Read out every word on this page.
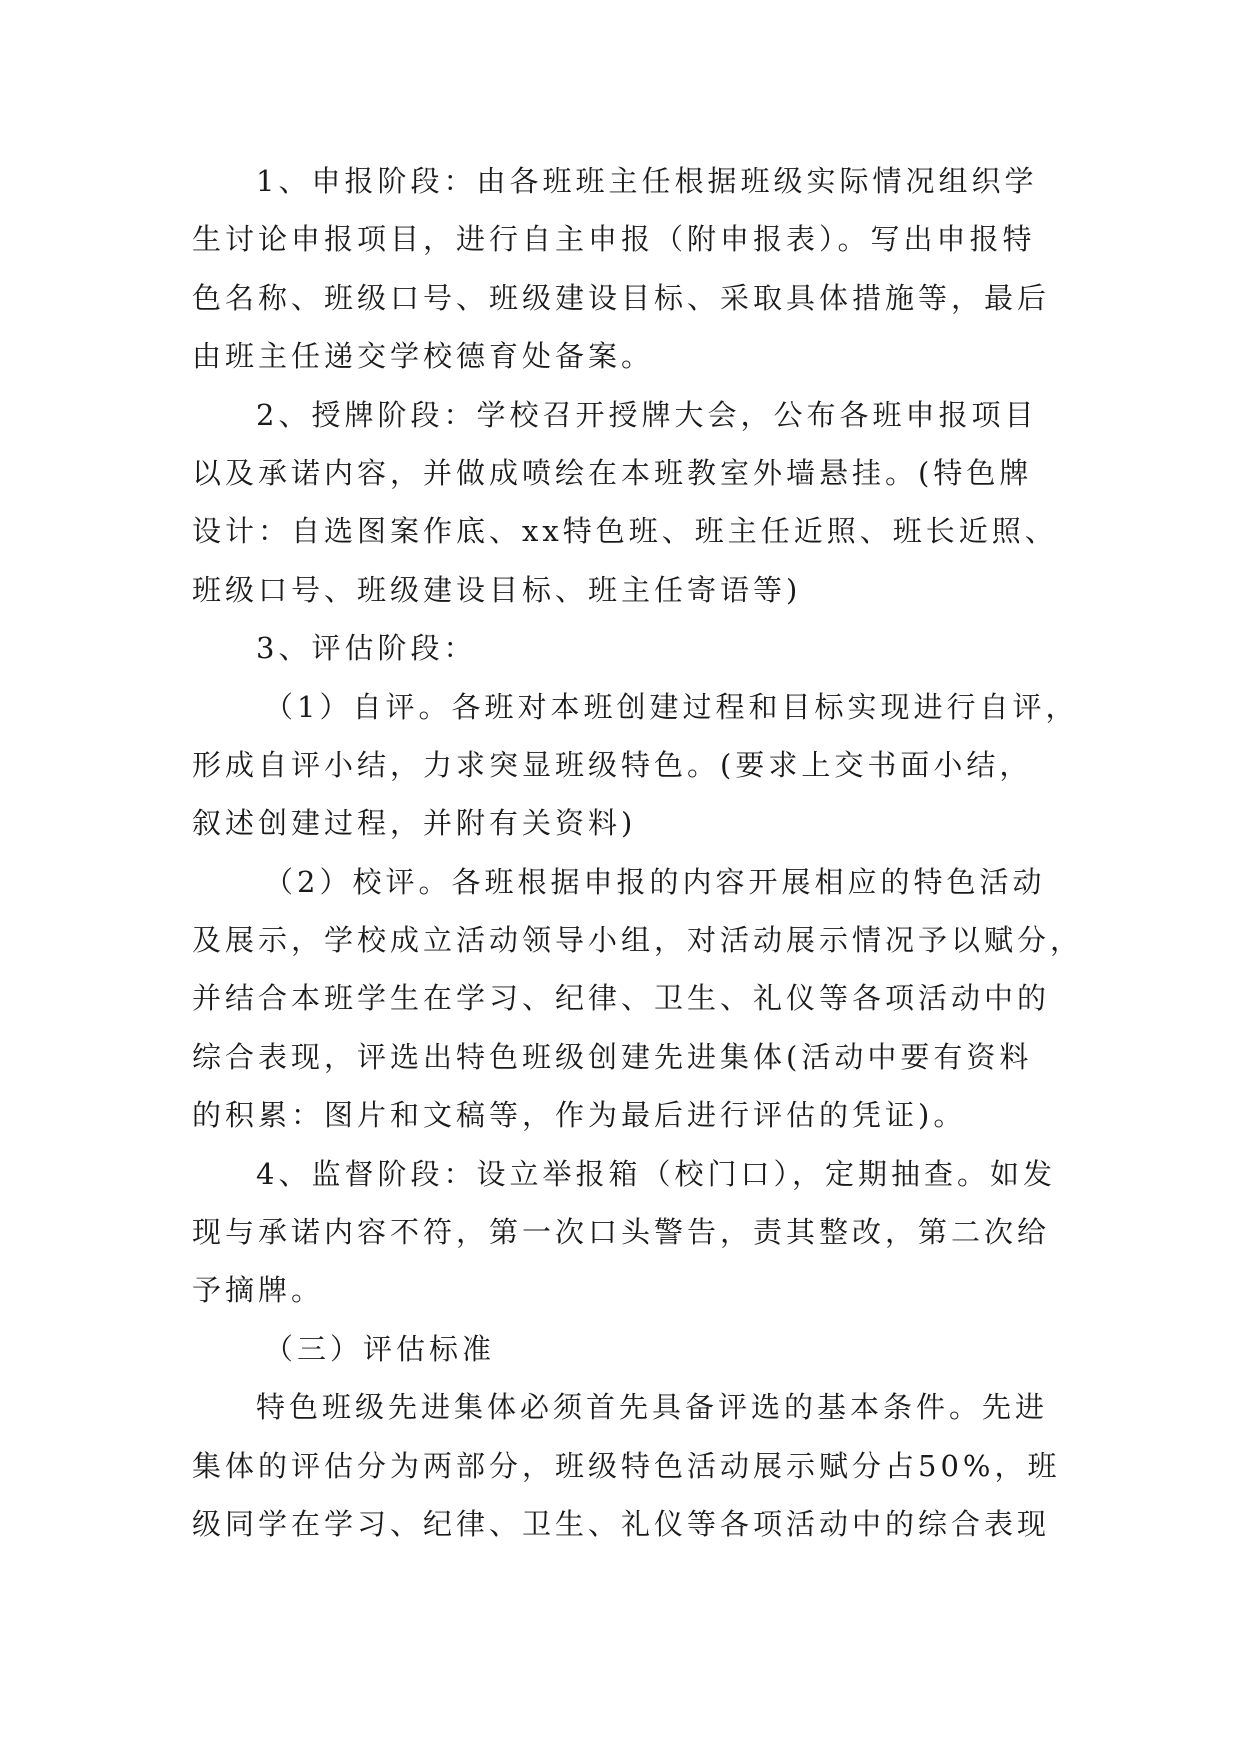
1、申报阶段：由各班班主任根据班级实际情况组织学
生讨论申报项目，进行自主申报（附申报表）。写出申报特
色名称、班级口号、班级建设目标、采取具体措施等，最后
由班主任递交学校德育处备案。
2、授牌阶段：学校召开授牌大会，公布各班申报项目
以及承诺内容，并做成喷绘在本班教室外墙悬挂。(特色牌
设计：自选图案作底、xx特色班、班主任近照、班长近照、
班级口号、班级建设目标、班主任寄语等)
3、评估阶段：
（1）自评。各班对本班创建过程和目标实现进行自评，
形成自评小结，力求突显班级特色。(要求上交书面小结，
叙述创建过程，并附有关资料)
（2）校评。各班根据申报的内容开展相应的特色活动
及展示，学校成立活动领导小组，对活动展示情况予以赋分，
并结合本班学生在学习、纪律、卫生、礼仪等各项活动中的
综合表现，评选出特色班级创建先进集体(活动中要有资料
的积累：图片和文稿等，作为最后进行评估的凭证)。
4、监督阶段：设立举报箱（校门口），定期抽查。如发
现与承诺内容不符，第一次口头警告，责其整改，第二次给
予摘牌。
（三）评估标准
特色班级先进集体必须首先具备评选的基本条件。先进
集体的评估分为两部分，班级特色活动展示赋分占50%，班
级同学在学习、纪律、卫生、礼仪等各项活动中的综合表现
